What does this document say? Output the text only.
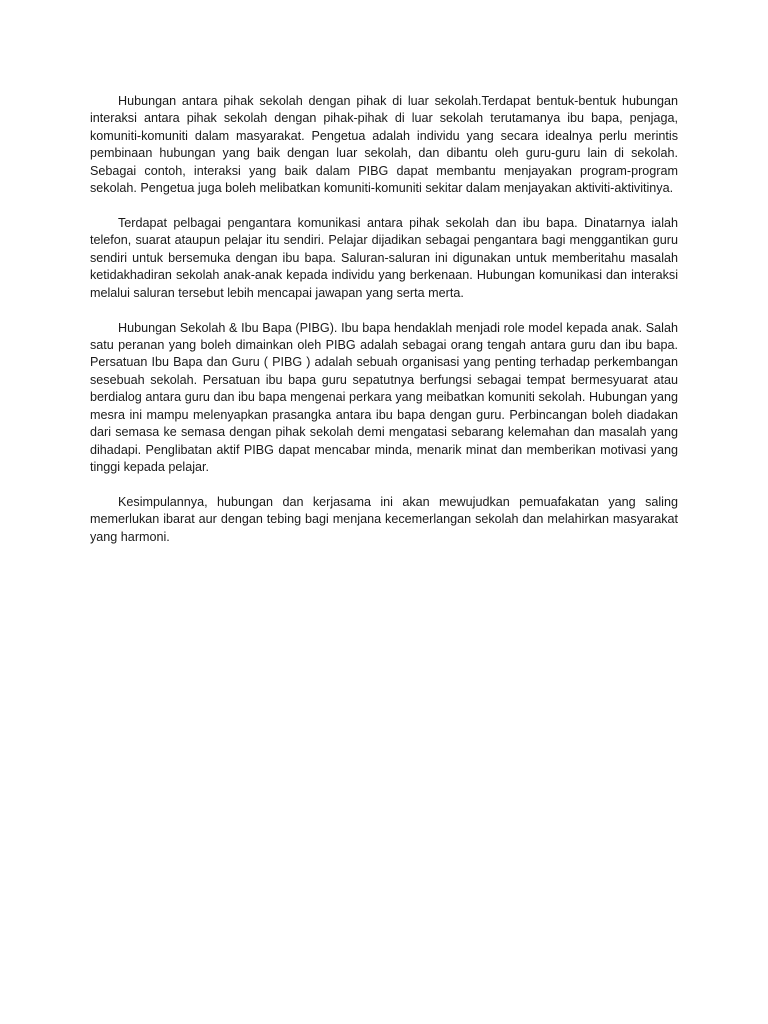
Hubungan antara pihak sekolah dengan pihak di luar sekolah.Terdapat bentuk-bentuk hubungan interaksi antara pihak sekolah dengan pihak-pihak di luar sekolah terutamanya ibu bapa, penjaga, komuniti-komuniti dalam masyarakat. Pengetua adalah individu yang secara idealnya perlu merintis pembinaan hubungan yang baik dengan luar sekolah, dan dibantu oleh guru-guru lain di sekolah. Sebagai contoh, interaksi yang baik dalam PIBG dapat membantu menjayakan program-program sekolah. Pengetua juga boleh melibatkan komuniti-komuniti sekitar dalam menjayakan aktiviti-aktivitinya.

Terdapat pelbagai pengantara komunikasi antara pihak sekolah dan ibu bapa. Dinatarnya ialah telefon, suarat ataupun pelajar itu sendiri. Pelajar dijadikan sebagai pengantara bagi menggantikan guru sendiri untuk bersemuka dengan ibu bapa. Saluran-saluran ini digunakan untuk memberitahu masalah ketidakhadiran sekolah anak-anak kepada individu yang berkenaan. Hubungan komunikasi dan interaksi melalui saluran tersebut lebih mencapai jawapan yang serta merta.

Hubungan Sekolah & Ibu Bapa (PIBG). Ibu bapa hendaklah menjadi role model kepada anak. Salah satu peranan yang boleh dimainkan oleh PIBG adalah sebagai orang tengah antara guru dan ibu bapa. Persatuan Ibu Bapa dan Guru ( PIBG ) adalah sebuah organisasi yang penting terhadap perkembangan sesebuah sekolah. Persatuan ibu bapa guru sepatutnya berfungsi sebagai tempat bermesyuarat atau berdialog antara guru dan ibu bapa mengenai perkara yang meibatkan komuniti sekolah. Hubungan yang mesra ini mampu melenyapkan prasangka antara ibu bapa dengan guru. Perbincangan boleh diadakan dari semasa ke semasa dengan pihak sekolah demi mengatasi sebarang kelemahan dan masalah yang dihadapi. Penglibatan aktif PIBG dapat mencabar minda, menarik minat dan memberikan motivasi yang tinggi kepada pelajar.

Kesimpulannya, hubungan dan kerjasama ini akan mewujudkan pemuafakatan yang saling memerlukan ibarat aur dengan tebing bagi menjana kecemerlangan sekolah dan melahirkan masyarakat yang harmoni.
